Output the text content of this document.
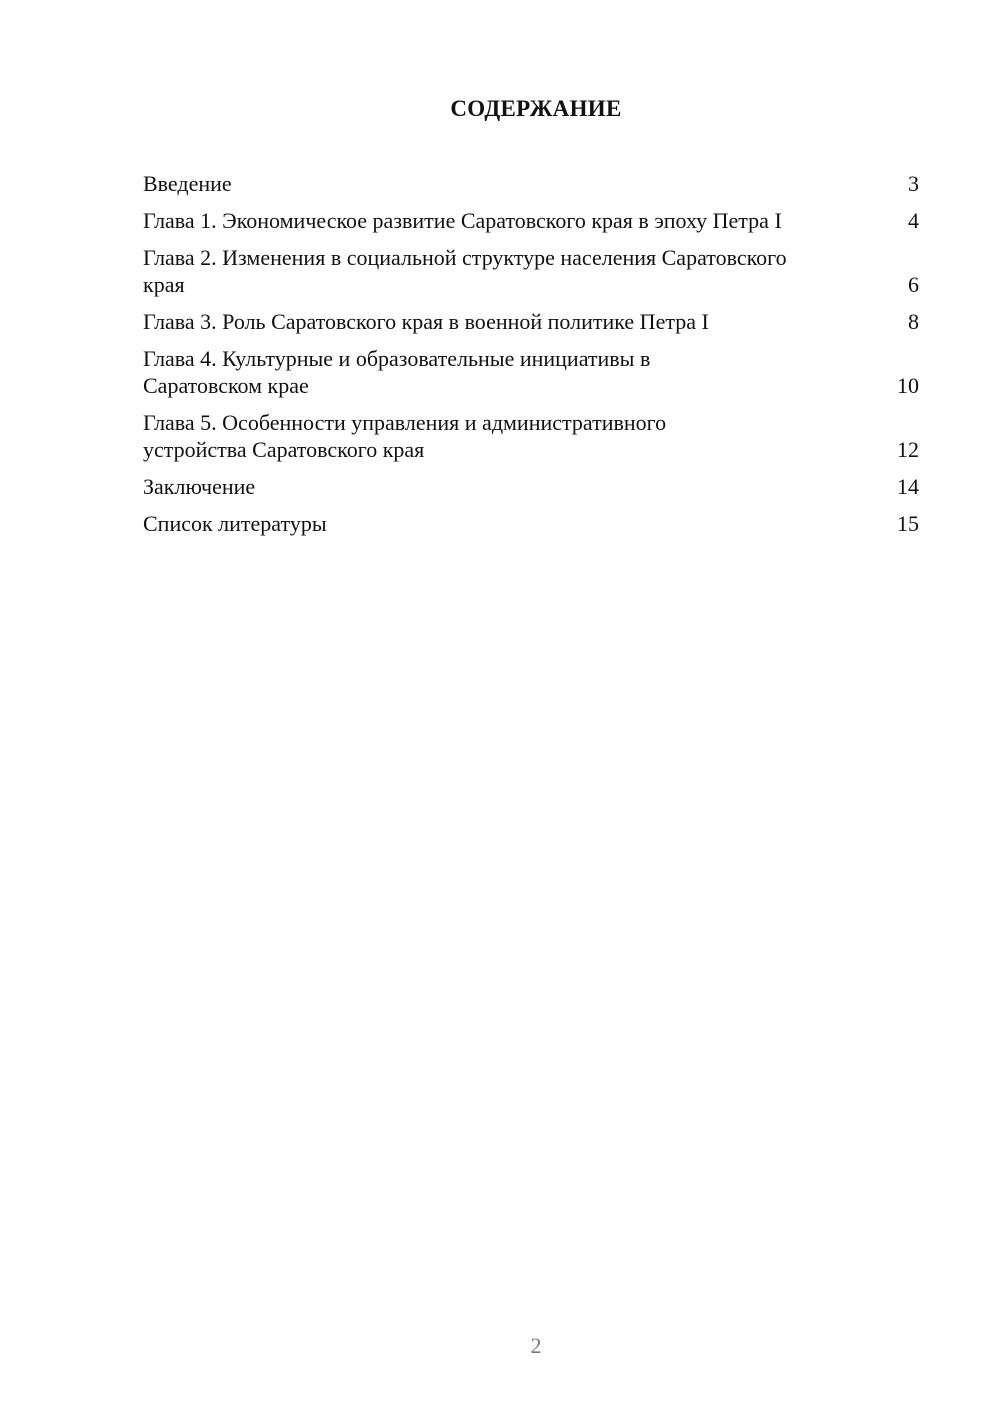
СОДЕРЖАНИЕ
Введение	3
Глава 1. Экономическое развитие Саратовского края в эпоху Петра I	4
Глава 2. Изменения в социальной структуре населения Саратовского края	6
Глава 3. Роль Саратовского края в военной политике Петра I	8
Глава 4. Культурные и образовательные инициативы в Саратовском крае	10
Глава 5. Особенности управления и административного устройства Саратовского края	12
Заключение	14
Список литературы	15
2
